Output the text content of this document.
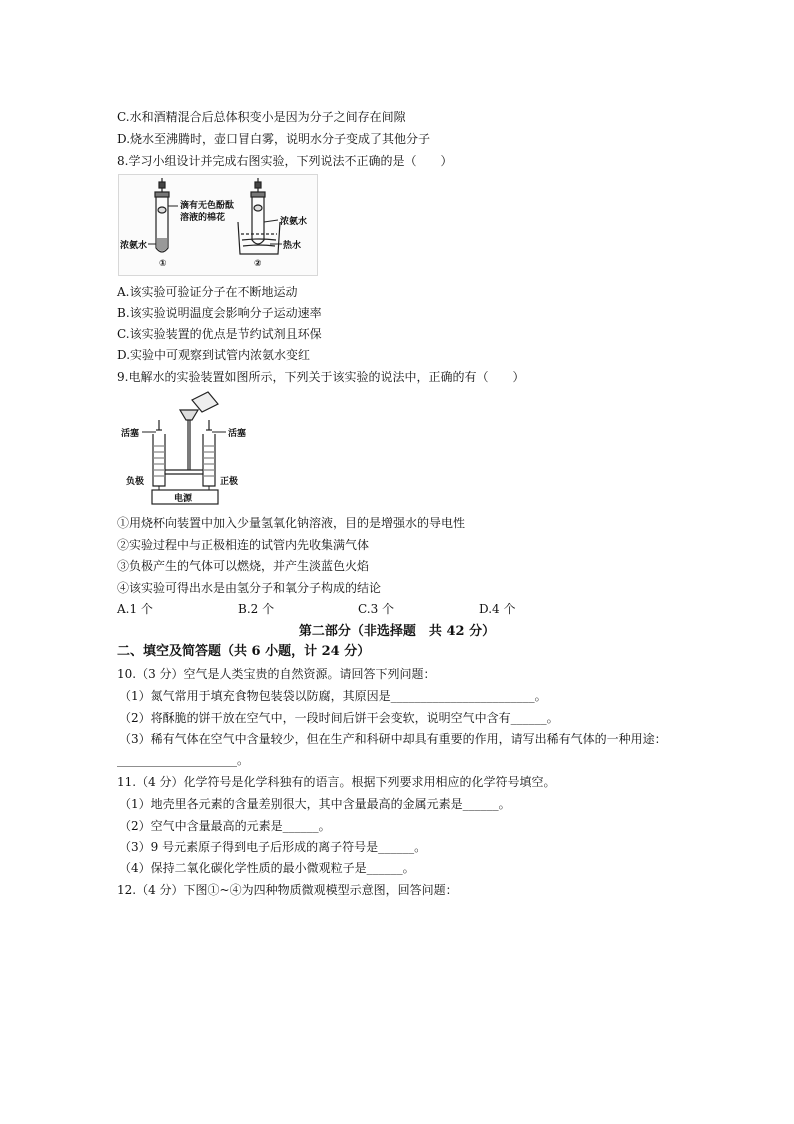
C.水和酒精混合后总体积变小是因为分子之间存在间隙
D.烧水至沸腾时，壶口冒白雾，说明水分子变成了其他分子
8.学习小组设计并完成右图实验，下列说法不正确的是（　　）
滴有无色酚酞
溶液的棉花
浓氨水
①
浓氨水
热水
②
A.该实验可验证分子在不断地运动
B.该实验说明温度会影响分子运动速率
C.该实验装置的优点是节约试剂且环保
D.实验中可观察到试管内浓氨水变红
9.电解水的实验装置如图所示，下列关于该实验的说法中，正确的有（　　）
活塞	活塞
负极	正极
电源
①用烧杯向装置中加入少量氢氧化钠溶液，目的是增强水的导电性
②实验过程中与正极相连的试管内先收集满气体
③负极产生的气体可以燃烧，并产生淡蓝色火焰
④该实验可得出水是由氢分子和氧分子构成的结论
A.1 个	B.2 个	C.3 个	D.4 个
第二部分（非选择题　共 42 分）
二、填空及简答题（共 6 小题，计 24 分）
10.（3 分）空气是人类宝贵的自然资源。请回答下列问题：
（1）氮气常用于填充食物包装袋以防腐，其原因是________________________。
（2）将酥脆的饼干放在空气中，一段时间后饼干会变软，说明空气中含有______。
（3）稀有气体在空气中含量较少，但在生产和科研中却具有重要的作用，请写出稀有气体的一种用途：
____________________。
11.（4 分）化学符号是化学科独有的语言。根据下列要求用相应的化学符号填空。
（1）地壳里各元素的含量差别很大，其中含量最高的金属元素是______。
（2）空气中含量最高的元素是______。
（3）9 号元素原子得到电子后形成的离子符号是______。
（4）保持二氧化碳化学性质的最小微观粒子是______。
12.（4 分）下图①~④为四种物质微观模型示意图，回答问题：
